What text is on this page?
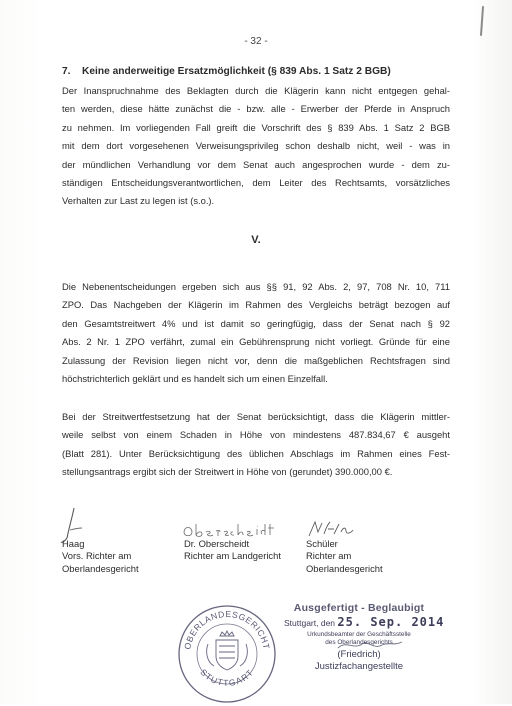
- 32 -
7. Keine anderweitige Ersatzmöglichkeit (§ 839 Abs. 1 Satz 2 BGB)
Der Inanspruchnahme des Beklagten durch die Klägerin kann nicht entgegen gehal-
ten werden, diese hätte zunächst die - bzw. alle - Erwerber der Pferde in Anspruch
zu nehmen. Im vorliegenden Fall greift die Vorschrift des § 839 Abs. 1 Satz 2 BGB
mit dem dort vorgesehenen Verweisungsprivileg schon deshalb nicht, weil - was in
der mündlichen Verhandlung vor dem Senat auch angesprochen wurde - dem zu-
ständigen Entscheidungsverantwortlichen, dem Leiter des Rechtsamts, vorsätzliches
Verhalten zur Last zu legen ist (s.o.).
V.
Die Nebenentscheidungen ergeben sich aus §§ 91, 92 Abs. 2, 97, 708 Nr. 10, 711
ZPO. Das Nachgeben der Klägerin im Rahmen des Vergleichs beträgt bezogen auf
den Gesamtstreitwert 4% und ist damit so geringfügig, dass der Senat nach § 92
Abs. 2 Nr. 1 ZPO verfährt, zumal ein Gebührensprung nicht vorliegt. Gründe für eine
Zulassung der Revision liegen nicht vor, denn die maßgeblichen Rechtsfragen sind
höchstrichterlich geklärt und es handelt sich um einen Einzelfall.
Bei der Streitwertfestsetzung hat der Senat berücksichtigt, dass die Klägerin mittler-
weile selbst von einem Schaden in Höhe von mindestens 487.834,67 € ausgeht
(Blatt 281). Unter Berücksichtigung des üblichen Abschlags im Rahmen eines Fest-
stellungsantrags ergibt sich der Streitwert in Höhe von (gerundet) 390.000,00 €.
Haag
Vors. Richter am
Oberlandesgericht
Dr. Oberscheidt
Richter am Landgericht
Schüler
Richter am
Oberlandesgericht
OBERLANDESGERICHT
STUTTGART
Ausgefertigt - Beglaubigt
Stuttgart, den 25. Sep. 2014
Urkundsbeamter der Geschäftsstelle
des Oberlandesgerichts
(Friedrich)
Justizfachangestellte
